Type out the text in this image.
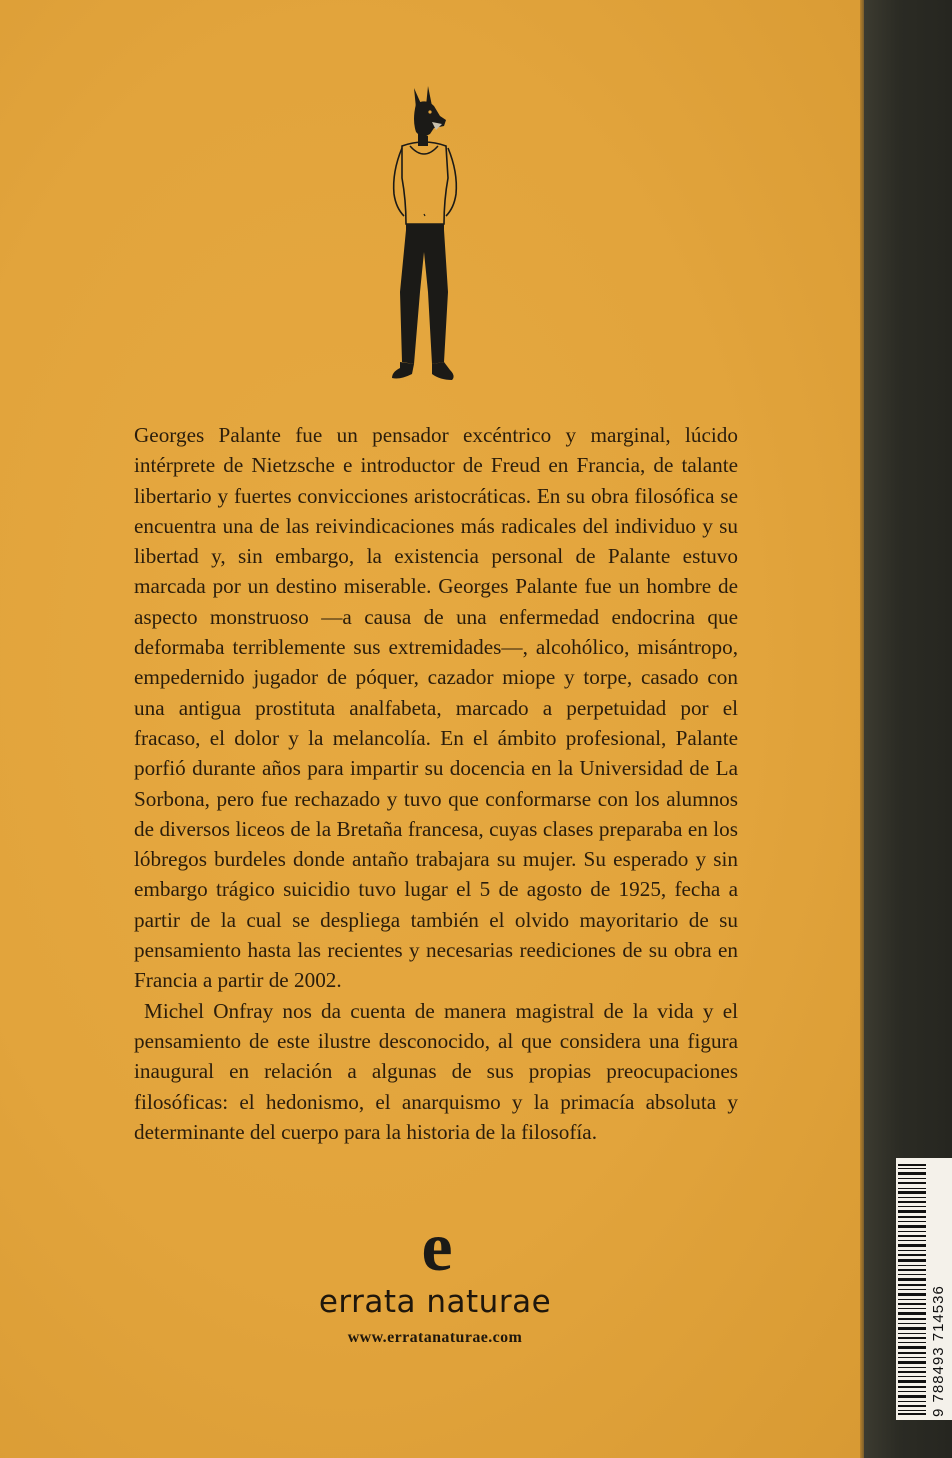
Georges Palante fue un pensador excéntrico y marginal, lúcido intérprete de Nietzsche e introductor de Freud en Francia, de talante libertario y fuertes convicciones aristocráticas. En su obra filosófica se encuentra una de las reivindicaciones más radicales del individuo y su libertad y, sin embargo, la existencia personal de Palante estuvo marcada por un destino miserable. Georges Palante fue un hombre de aspecto monstruoso —a causa de una enfermedad endocrina que deformaba terriblemente sus extremidades—, alcohólico, misántropo, empedernido jugador de póquer, cazador miope y torpe, casado con una antigua prostituta analfabeta, marcado a perpetuidad por el fracaso, el dolor y la melancolía. En el ámbito profesional, Palante porfió durante años para impartir su docencia en la Universidad de La Sorbona, pero fue rechazado y tuvo que conformarse con los alumnos de diversos liceos de la Bretaña francesa, cuyas clases preparaba en los lóbregos burdeles donde antaño trabajara su mujer. Su esperado y sin embargo trágico suicidio tuvo lugar el 5 de agosto de 1925, fecha a partir de la cual se despliega también el olvido mayoritario de su pensamiento hasta las recientes y necesarias reediciones de su obra en Francia a partir de 2002.

Michel Onfray nos da cuenta de manera magistral de la vida y el pensamiento de este ilustre desconocido, al que considera una figura inaugural en relación a algunas de sus propias preocupaciones filosóficas: el hedonismo, el anarquismo y la primacía absoluta y determinante del cuerpo para la historia de la filosofía.

e
errata naturae
www.erratanaturae.com	9 788493 714536
